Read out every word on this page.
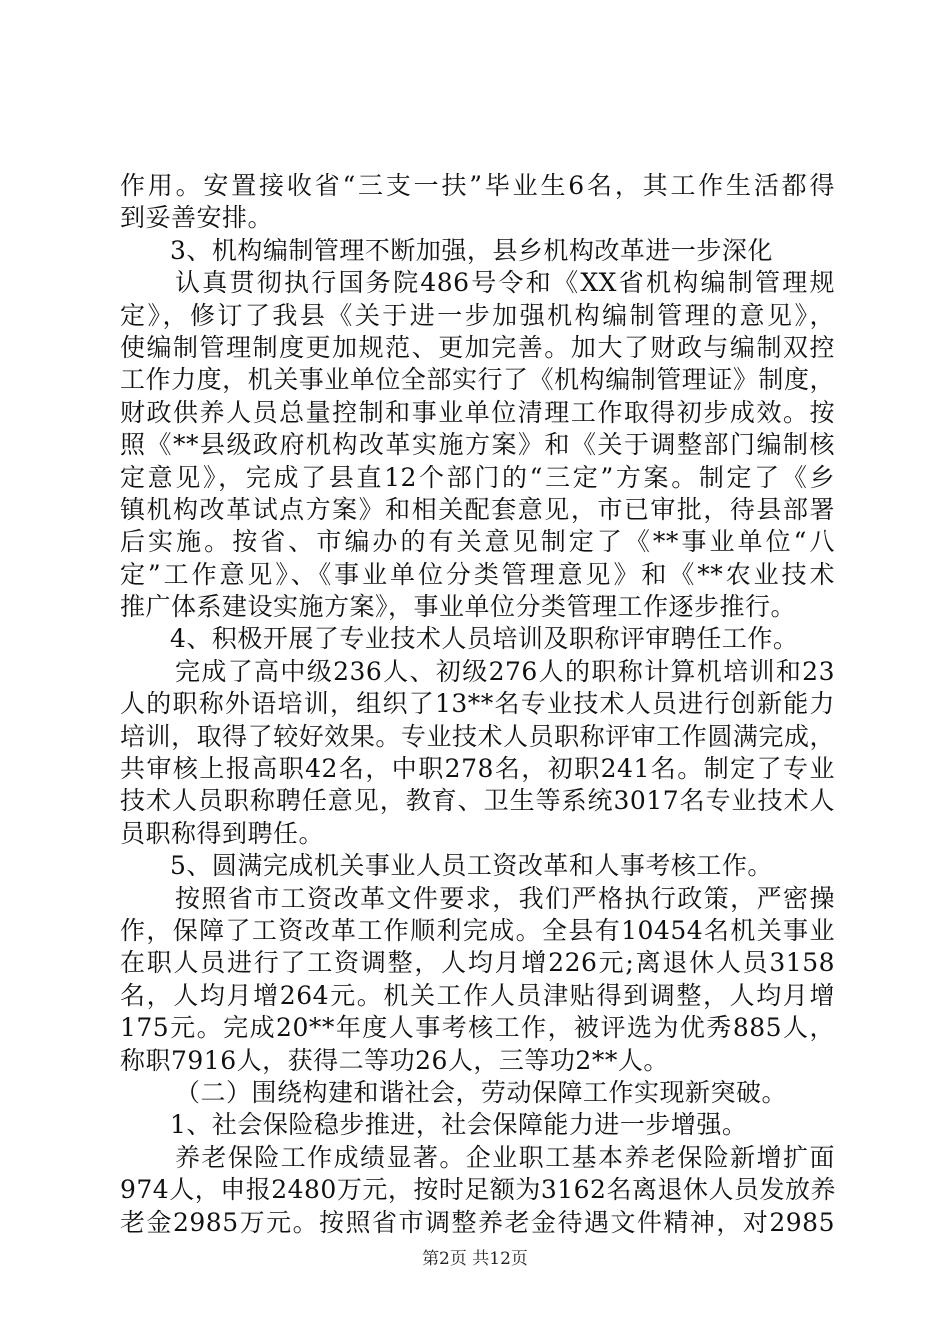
作用。安置接收省“三支一扶”毕业生6名，其工作生活都得
到妥善安排。
3、机构编制管理不断加强，县乡机构改革进一步深化
认真贯彻执行国务院486号令和《XX省机构编制管理规
定》，修订了我县《关于进一步加强机构编制管理的意见》，
使编制管理制度更加规范、更加完善。加大了财政与编制双控
工作力度，机关事业单位全部实行了《机构编制管理证》制度，
财政供养人员总量控制和事业单位清理工作取得初步成效。按
照《**县级政府机构改革实施方案》和《关于调整部门编制核
定意见》，完成了县直12个部门的“三定”方案。制定了《乡
镇机构改革试点方案》和相关配套意见，市已审批，待县部署
后实施。按省、市编办的有关意见制定了《**事业单位“八
定”工作意见》、《事业单位分类管理意见》和《**农业技术
推广体系建设实施方案》，事业单位分类管理工作逐步推行。
4、积极开展了专业技术人员培训及职称评审聘任工作。
完成了高中级236人、初级276人的职称计算机培训和23
人的职称外语培训，组织了13**名专业技术人员进行创新能力
培训，取得了较好效果。专业技术人员职称评审工作圆满完成，
共审核上报高职42名，中职278名，初职241名。制定了专业
技术人员职称聘任意见，教育、卫生等系统3017名专业技术人
员职称得到聘任。
5、圆满完成机关事业人员工资改革和人事考核工作。
按照省市工资改革文件要求，我们严格执行政策，严密操
作，保障了工资改革工作顺利完成。全县有10454名机关事业
在职人员进行了工资调整，人均月增226元;离退休人员3158
名，人均月增264元。机关工作人员津贴得到调整，人均月增
175元。完成20**年度人事考核工作，被评选为优秀885人，
称职7916人，获得二等功26人，三等功2**人。
（二）围绕构建和谐社会，劳动保障工作实现新突破。
1、社会保险稳步推进，社会保障能力进一步增强。
养老保险工作成绩显著。企业职工基本养老保险新增扩面
974人，申报2480万元，按时足额为3162名离退休人员发放养
老金2985万元。按照省市调整养老金待遇文件精神，对2985
第2页 共12页
